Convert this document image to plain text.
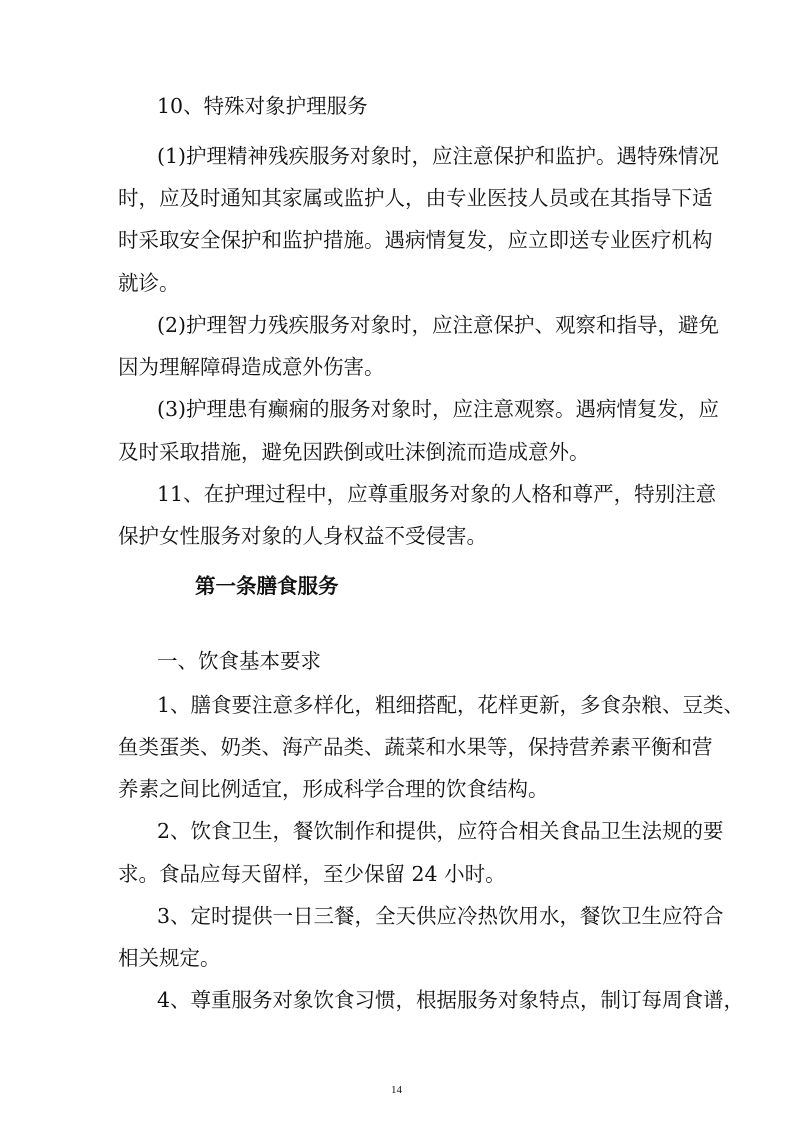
10、特殊对象护理服务
(1)护理精神残疾服务对象时，应注意保护和监护。遇特殊情况
时，应及时通知其家属或监护人，由专业医技人员或在其指导下适
时采取安全保护和监护措施。遇病情复发，应立即送专业医疗机构
就诊。
(2)护理智力残疾服务对象时，应注意保护、观察和指导，避免
因为理解障碍造成意外伤害。
(3)护理患有癫痫的服务对象时，应注意观察。遇病情复发，应
及时采取措施，避免因跌倒或吐沫倒流而造成意外。
11、在护理过程中，应尊重服务对象的人格和尊严，特别注意
保护女性服务对象的人身权益不受侵害。
第一条膳食服务
一、饮食基本要求
1、膳食要注意多样化，粗细搭配，花样更新，多食杂粮、豆类、
鱼类蛋类、奶类、海产品类、蔬菜和水果等，保持营养素平衡和营
养素之间比例适宜，形成科学合理的饮食结构。
2、饮食卫生，餐饮制作和提供，应符合相关食品卫生法规的要
求。食品应每天留样，至少保留 24 小时。
3、定时提供一日三餐，全天供应冷热饮用水，餐饮卫生应符合
相关规定。
4、尊重服务对象饮食习惯，根据服务对象特点，制订每周食谱，
14
